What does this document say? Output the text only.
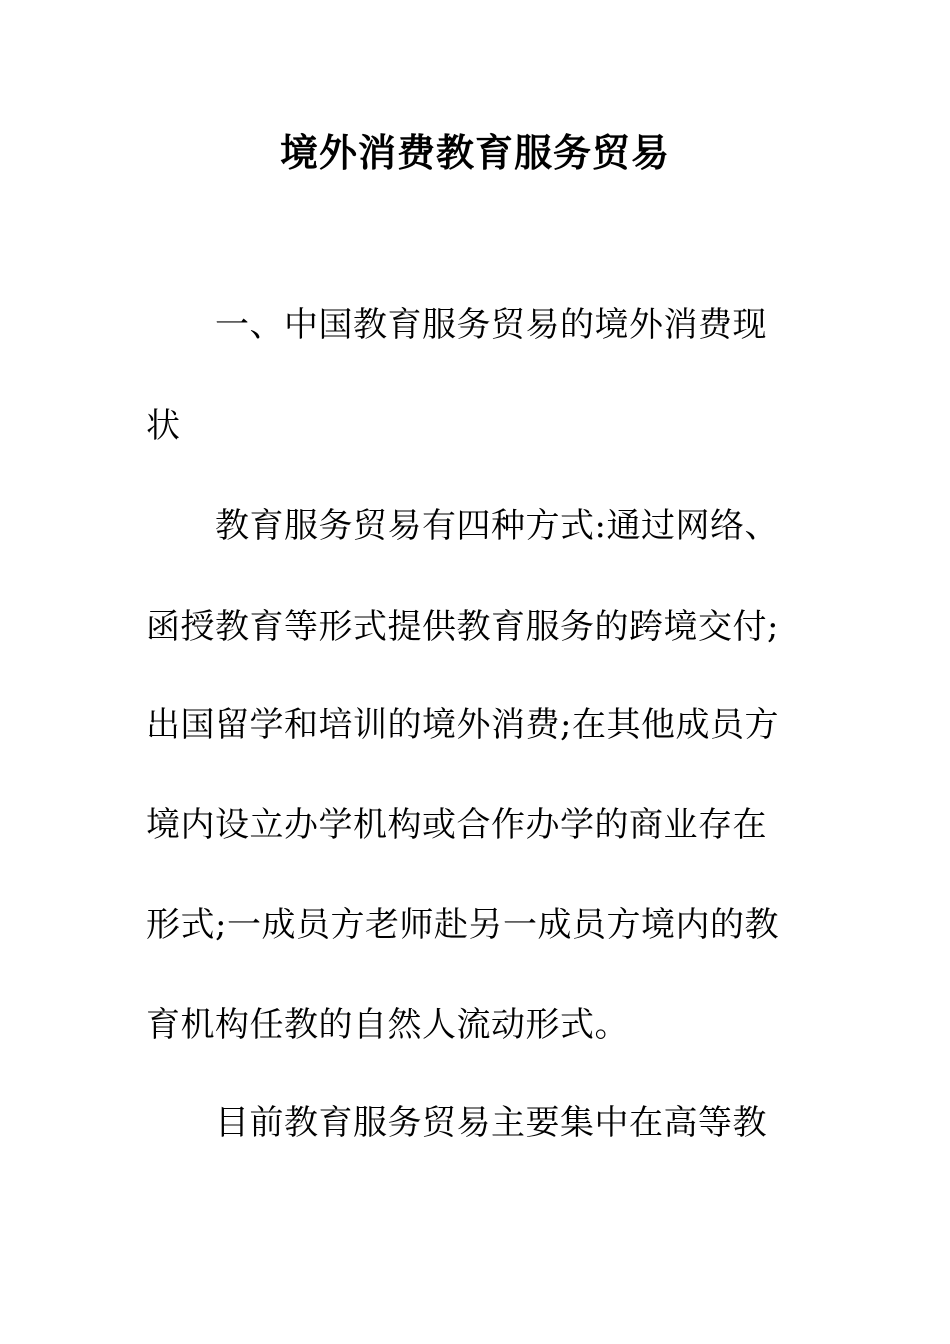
境外消费教育服务贸易
一、中国教育服务贸易的境外消费现
状
教育服务贸易有四种方式:通过网络、
函授教育等形式提供教育服务的跨境交付;
出国留学和培训的境外消费;在其他成员方
境内设立办学机构或合作办学的商业存在
形式;一成员方老师赴另一成员方境内的教
育机构任教的自然人流动形式。
目前教育服务贸易主要集中在高等教
